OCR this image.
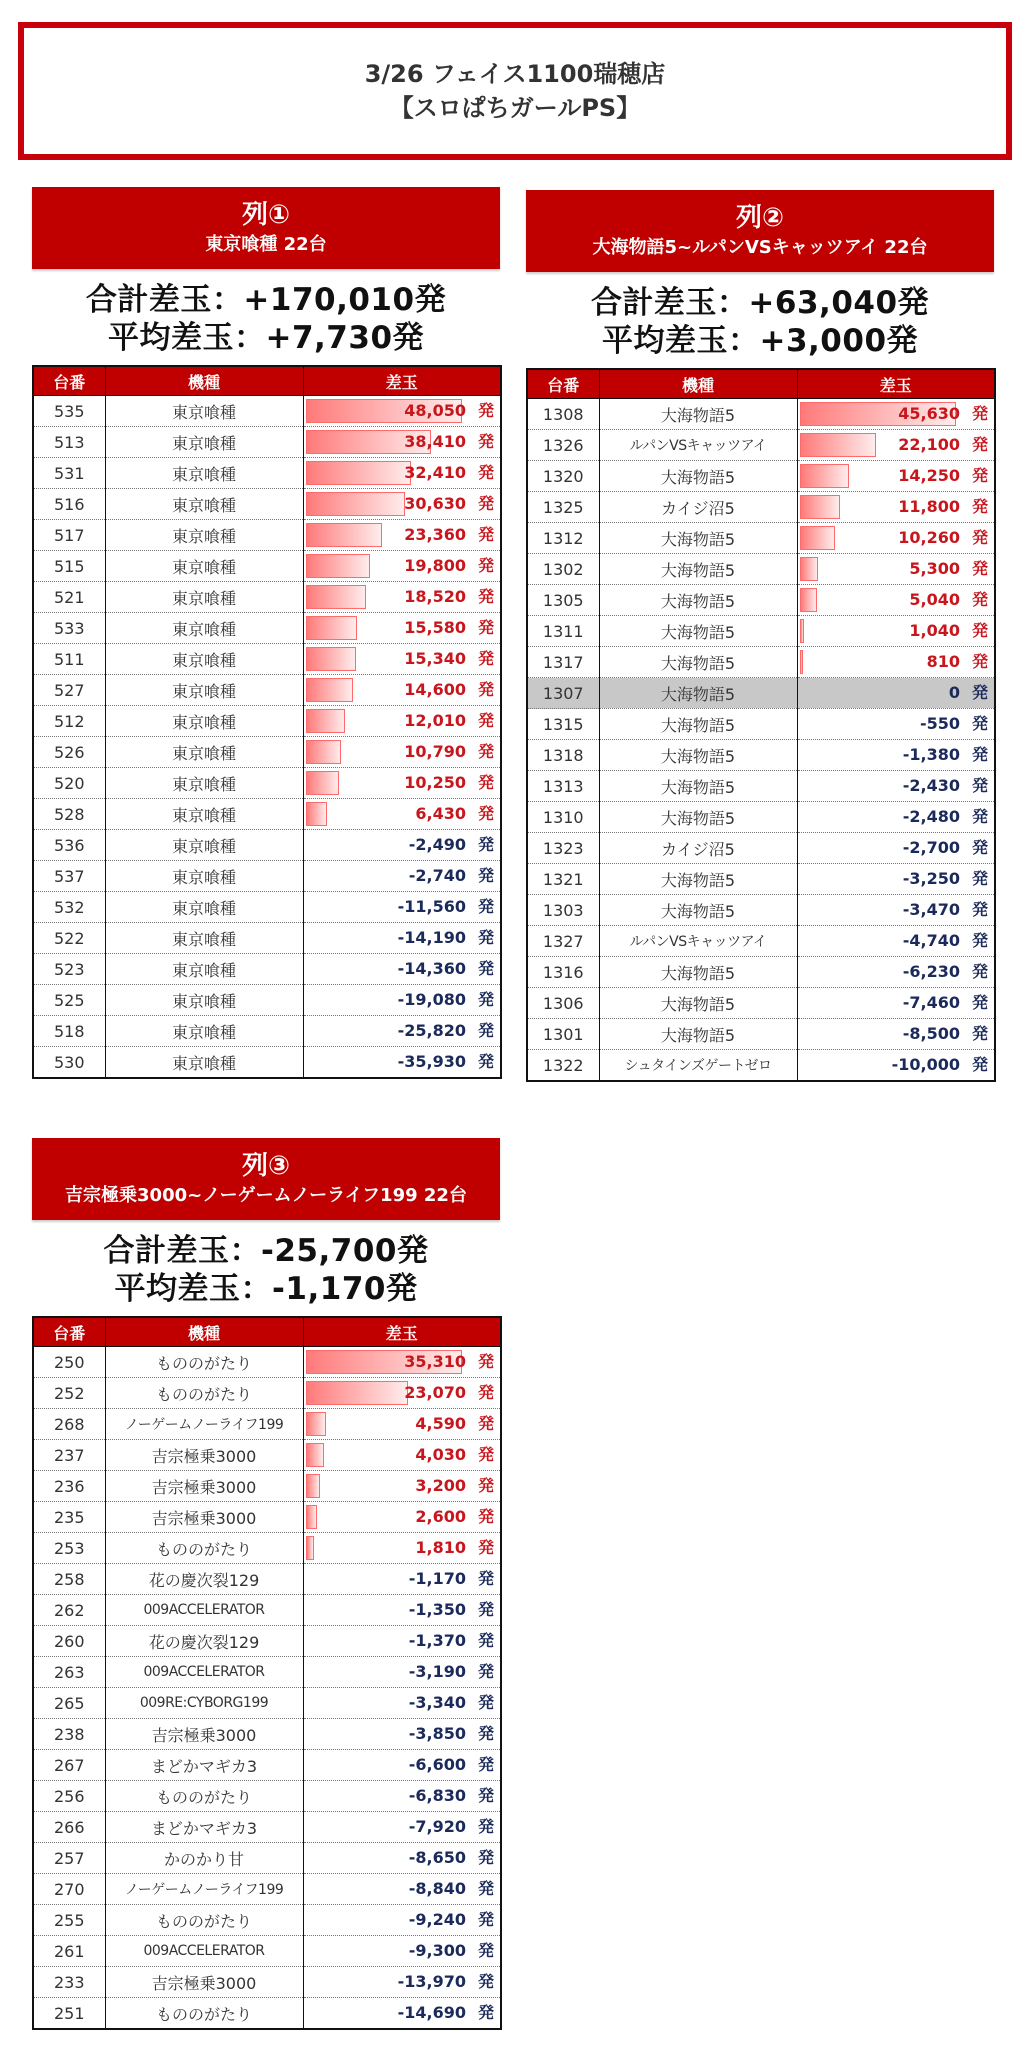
3/26 フェイス1100瑞穂店
【スロぱちガールPS】
列①
東京喰種 22台
合計差玉：+170,010発
平均差玉：+7,730発
台番	機種	差玉
535	東京喰種	48,050 発

513	東京喰種	38,410 発

531	東京喰種	32,410 発

516	東京喰種	30,630 発

517	東京喰種	23,360 発

515	東京喰種	19,800 発

521	東京喰種	18,520 発

533	東京喰種	15,580 発

511	東京喰種	15,340 発

527	東京喰種	14,600 発

512	東京喰種	12,010 発

526	東京喰種	10,790 発

520	東京喰種	10,250 発

528	東京喰種	6,430 発

536	東京喰種	-2,490 発

537	東京喰種	-2,740 発

532	東京喰種	-11,560 発

522	東京喰種	-14,190 発

523	東京喰種	-14,360 発

525	東京喰種	-19,080 発

518	東京喰種	-25,820 発

530	東京喰種	-35,930 発
列②
大海物語5~ルパンVSキャッツアイ 22台
合計差玉：+63,040発
平均差玉：+3,000発
台番	機種	差玉
1308	大海物語5	45,630 発

1326	ルパンVSキャッツアイ	22,100 発

1320	大海物語5	14,250 発

1325	カイジ沼5	11,800 発

1312	大海物語5	10,260 発

1302	大海物語5	5,300 発

1305	大海物語5	5,040 発

1311	大海物語5	1,040 発

1317	大海物語5	810 発

1307	大海物語5	0 発

1315	大海物語5	-550 発

1318	大海物語5	-1,380 発

1313	大海物語5	-2,430 発

1310	大海物語5	-2,480 発

1323	カイジ沼5	-2,700 発

1321	大海物語5	-3,250 発

1303	大海物語5	-3,470 発

1327	ルパンVSキャッツアイ	-4,740 発

1316	大海物語5	-6,230 発

1306	大海物語5	-7,460 発

1301	大海物語5	-8,500 発

1322	シュタインズゲートゼロ	-10,000 発
列③
吉宗極乗3000~ノーゲームノーライフ199 22台
合計差玉：-25,700発
平均差玉：-1,170発
台番	機種	差玉
250	もののがたり	35,310 発

252	もののがたり	23,070 発

268	ノーゲームノーライフ199	4,590 発

237	吉宗極乗3000	4,030 発

236	吉宗極乗3000	3,200 発

235	吉宗極乗3000	2,600 発

253	もののがたり	1,810 発

258	花の慶次裂129	-1,170 発

262	009ACCELERATOR	-1,350 発

260	花の慶次裂129	-1,370 発

263	009ACCELERATOR	-3,190 発

265	009RE:CYBORG199	-3,340 発

238	吉宗極乗3000	-3,850 発

267	まどかマギカ3	-6,600 発

256	もののがたり	-6,830 発

266	まどかマギカ3	-7,920 発

257	かのかり甘	-8,650 発

270	ノーゲームノーライフ199	-8,840 発

255	もののがたり	-9,240 発

261	009ACCELERATOR	-9,300 発

233	吉宗極乗3000	-13,970 発

251	もののがたり	-14,690 発
